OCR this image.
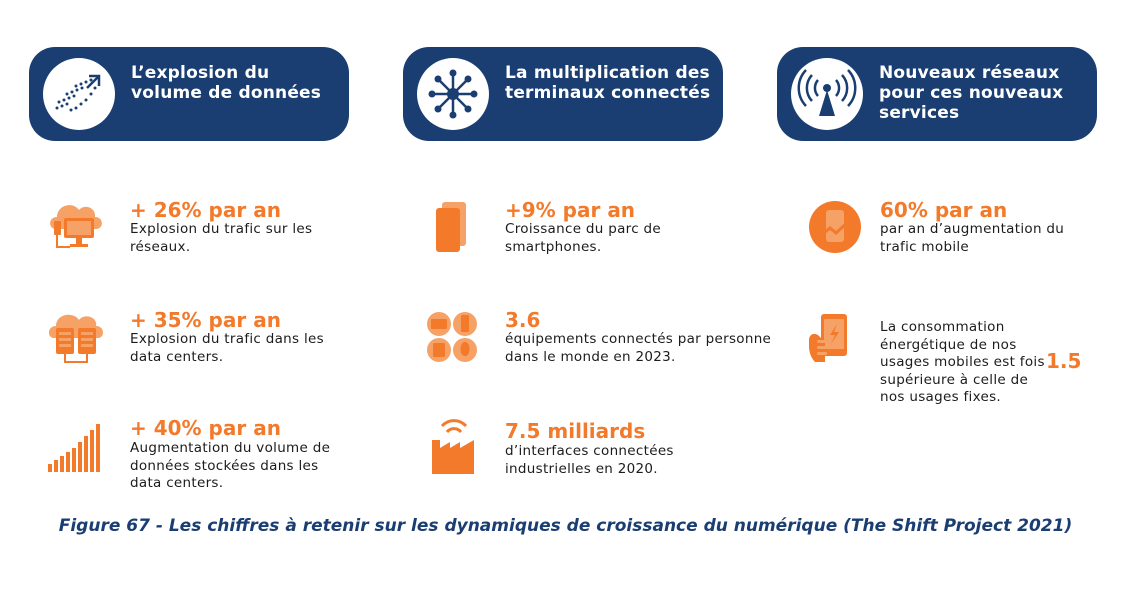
L’explosion du volume de données
La multiplication des terminaux connectés
Nouveaux réseaux pour ces nouveaux services
+ 26% par an
Explosion du trafic sur les réseaux.
+ 35% par an
Explosion du trafic dans les data centers.
+ 40% par an
Augmentation du volume de données stockées dans les data centers.
+9% par an
Croissance du parc de smartphones.
3.6
équipements connectés par personne dans le monde en 2023.
7.5 milliards
d’interfaces connectées industrielles en 2020.
60% par an
par an d’augmentation du trafic mobile
La consommation énergétique de nos usages mobiles est fois supérieure à celle de nos usages fixes.
1.5
Figure 67 - Les chiffres à retenir sur les dynamiques de croissance du numérique (The Shift Project 2021)
